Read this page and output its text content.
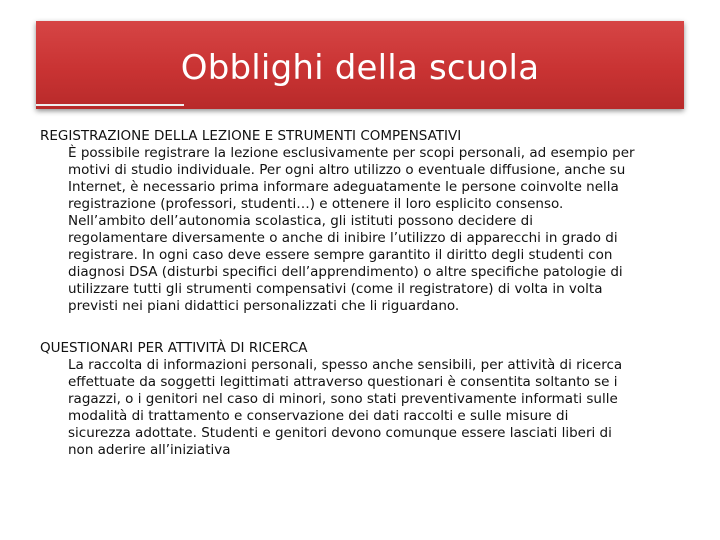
Obblighi della scuola

REGISTRAZIONE DELLA LEZIONE E STRUMENTI COMPENSATIVI

È possibile registrare la lezione esclusivamente per scopi personali, ad esempio per
motivi di studio individuale. Per ogni altro utilizzo o eventuale diffusione, anche su
Internet, è necessario prima informare adeguatamente le persone coinvolte nella
registrazione (professori, studenti…) e ottenere il loro esplicito consenso.
Nell’ambito dell’autonomia scolastica, gli istituti possono decidere di
regolamentare diversamente o anche di inibire l’utilizzo di apparecchi in grado di
registrare. In ogni caso deve essere sempre garantito il diritto degli studenti con
diagnosi DSA (disturbi specifici dell’apprendimento) o altre specifiche patologie di
utilizzare tutti gli strumenti compensativi (come il registratore) di volta in volta
previsti nei piani didattici personalizzati che li riguardano.

QUESTIONARI PER ATTIVITÀ DI RICERCA

La raccolta di informazioni personali, spesso anche sensibili, per attività di ricerca
effettuate da soggetti legittimati attraverso questionari è consentita soltanto se i
ragazzi, o i genitori nel caso di minori, sono stati preventivamente informati sulle
modalità di trattamento e conservazione dei dati raccolti e sulle misure di
sicurezza adottate. Studenti e genitori devono comunque essere lasciati liberi di
non aderire all’iniziativa
